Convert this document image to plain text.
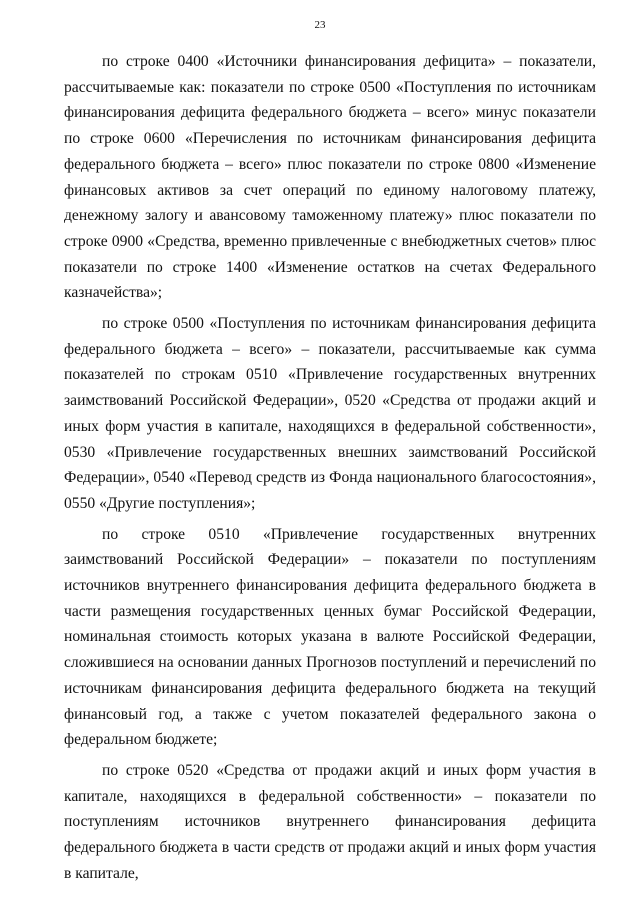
23

по строке 0400 «Источники финансирования дефицита» – показатели, рассчитываемые как: показатели по строке 0500 «Поступления по источникам финансирования дефицита федерального бюджета – всего» минус показатели по строке 0600 «Перечисления по источникам финансирования дефицита федерального бюджета – всего» плюс показатели по строке 0800 «Изменение финансовых активов за счет операций по единому налоговому платежу, денежному залогу и авансовому таможенному платежу» плюс показатели по строке 0900 «Средства, временно привлеченные с внебюджетных счетов» плюс показатели по строке 1400 «Изменение остатков на счетах Федерального казначейства»;

по строке 0500 «Поступления по источникам финансирования дефицита федерального бюджета – всего» – показатели, рассчитываемые как сумма показателей по строкам 0510 «Привлечение государственных внутренних заимствований Российской Федерации», 0520 «Средства от продажи акций и иных форм участия в капитале, находящихся в федеральной собственности», 0530 «Привлечение государственных внешних заимствований Российской Федерации», 0540 «Перевод средств из Фонда национального благосостояния», 0550 «Другие поступления»;

по строке 0510 «Привлечение государственных внутренних заимствований Российской Федерации» – показатели по поступлениям источников внутреннего финансирования дефицита федерального бюджета в части размещения государственных ценных бумаг Российской Федерации, номинальная стоимость которых указана в валюте Российской Федерации, сложившиеся на основании данных Прогнозов поступлений и перечислений по источникам финансирования дефицита федерального бюджета на текущий финансовый год, а также с учетом показателей федерального закона о федеральном бюджете;

по строке 0520 «Средства от продажи акций и иных форм участия в капитале, находящихся в федеральной собственности» – показатели по поступлениям источников внутреннего финансирования дефицита федерального бюджета в части средств от продажи акций и иных форм участия в капитале,
